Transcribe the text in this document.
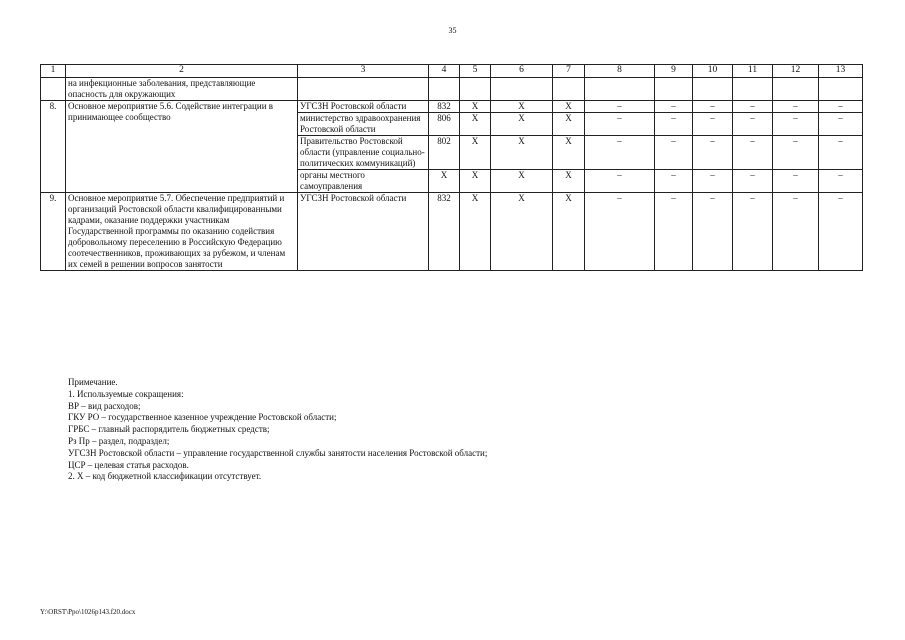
35
1	2	3	4	5	6	7	8	9	10	11	12	13
	на инфекционные заболевания, представляющие опасность для окружающих											
8.	Основное мероприятие 5.6. Содействие интеграции в принимающее сообщество	УГСЗН Ростовской области	832	X	X	X	–	–	–	–	–	–
		министерство здравоохранения Ростовской области	806	X	X	X	–	–	–	–	–	–
		Правительство Ростовской области (управление социально-политических коммуникаций)	802	X	X	X	–	–	–	–	–	–
		органы местного самоуправления	X	X	X	X	–	–	–	–	–	–
9.	Основное мероприятие 5.7. Обеспечение предприятий и организаций Ростовской области квалифицированными кадрами, оказание поддержки участникам Государственной программы по оказанию содействия добровольному переселению в Российскую Федерацию соотечественников, проживающих за рубежом, и членам их семей в решении вопросов занятости	УГСЗН Ростовской области	832	X	X	X	–	–	–	–	–	–
Примечание.
1. Используемые сокращения:
ВР – вид расходов;
ГКУ РО – государственное казенное учреждение Ростовской области;
ГРБС – главный распорядитель бюджетных средств;
Рз Пр – раздел, подраздел;
УГСЗН Ростовской области – управление государственной службы занятости населения Ростовской области;
ЦСР – целевая статья расходов.
2. Х – код бюджетной классификации отсутствует.
Y:\ORST\Ppo\1026p143.f20.docx
